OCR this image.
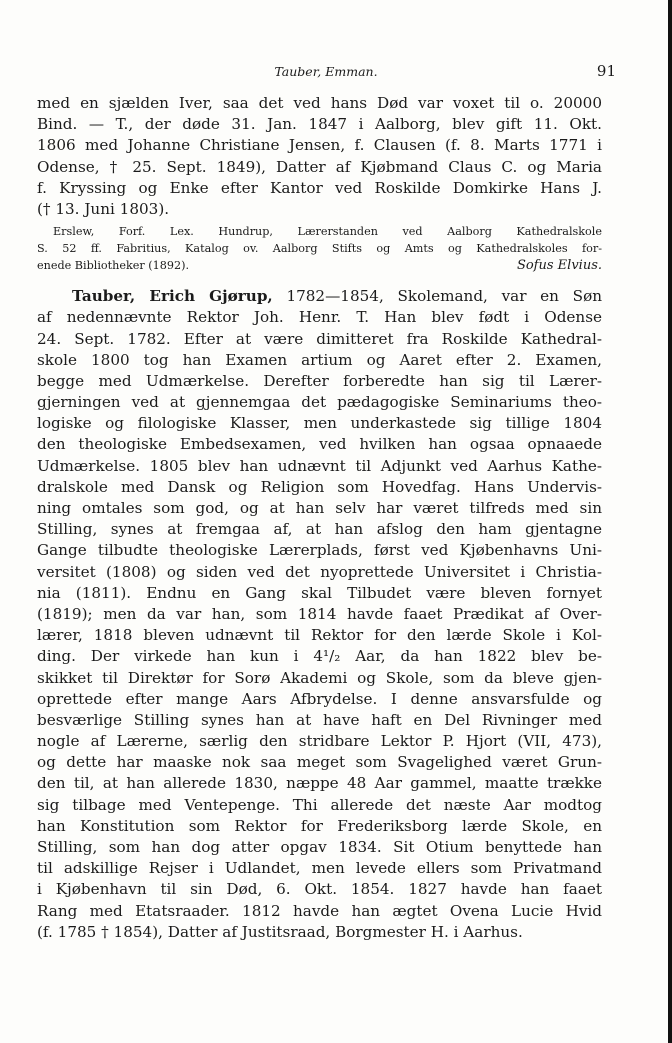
Tauber, Emman.	91
med en sjælden Iver, saa det ved hans Død var voxet til o. 20000
Bind. — T., der døde 31. Jan. 1847 i Aalborg, blev gift 11. Okt.
1806 med Johanne Christiane Jensen, f. Clausen (f. 8. Marts 1771 i
Odense, † 25. Sept. 1849), Datter af Kjøbmand Claus C. og Maria
f. Kryssing og Enke efter Kantor ved Roskilde Domkirke Hans J.
(† 13. Juni 1803).
Erslew, Forf. Lex. Hundrup, Lærerstanden ved Aalborg Kathedralskole
S. 52 ff. Fabritius, Katalog ov. Aalborg Stifts og Amts og Kathedralskoles for-
enede Bibliotheker (1892).	Sofus Elvius.
Tauber, Erich Gjørup, 1782—1854, Skolemand, var en Søn
af nedennævnte Rektor Joh. Henr. T. Han blev født i Odense
24. Sept. 1782. Efter at være dimitteret fra Roskilde Kathedral-
skole 1800 tog han Examen artium og Aaret efter 2. Examen,
begge med Udmærkelse. Derefter forberedte han sig til Lærer-
gjerningen ved at gjennemgaa det pædagogiske Seminariums theo-
logiske og filologiske Klasser, men underkastede sig tillige 1804
den theologiske Embedsexamen, ved hvilken han ogsaa opnaaede
Udmærkelse. 1805 blev han udnævnt til Adjunkt ved Aarhus Kathe-
dralskole med Dansk og Religion som Hovedfag. Hans Undervis-
ning omtales som god, og at han selv har været tilfreds med sin
Stilling, synes at fremgaa af, at han afslog den ham gjentagne
Gange tilbudte theologiske Lærerplads, først ved Kjøbenhavns Uni-
versitet (1808) og siden ved det nyoprettede Universitet i Christia-
nia (1811). Endnu en Gang skal Tilbudet være bleven fornyet
(1819); men da var han, som 1814 havde faaet Prædikat af Over-
lærer, 1818 bleven udnævnt til Rektor for den lærde Skole i Kol-
ding. Der virkede han kun i 4¹/₂ Aar, da han 1822 blev be-
skikket til Direktør for Sorø Akademi og Skole, som da bleve gjen-
oprettede efter mange Aars Afbrydelse. I denne ansvarsfulde og
besværlige Stilling synes han at have haft en Del Rivninger med
nogle af Lærerne, særlig den stridbare Lektor P. Hjort (VII, 473),
og dette har maaske nok saa meget som Svagelighed været Grun-
den til, at han allerede 1830, næppe 48 Aar gammel, maatte trække
sig tilbage med Ventepenge. Thi allerede det næste Aar modtog
han Konstitution som Rektor for Frederiksborg lærde Skole, en
Stilling, som han dog atter opgav 1834. Sit Otium benyttede han
til adskillige Rejser i Udlandet, men levede ellers som Privatmand
i Kjøbenhavn til sin Død, 6. Okt. 1854. 1827 havde han faaet
Rang med Etatsraader. 1812 havde han ægtet Ovena Lucie Hvid
(f. 1785 † 1854), Datter af Justitsraad, Borgmester H. i Aarhus.
